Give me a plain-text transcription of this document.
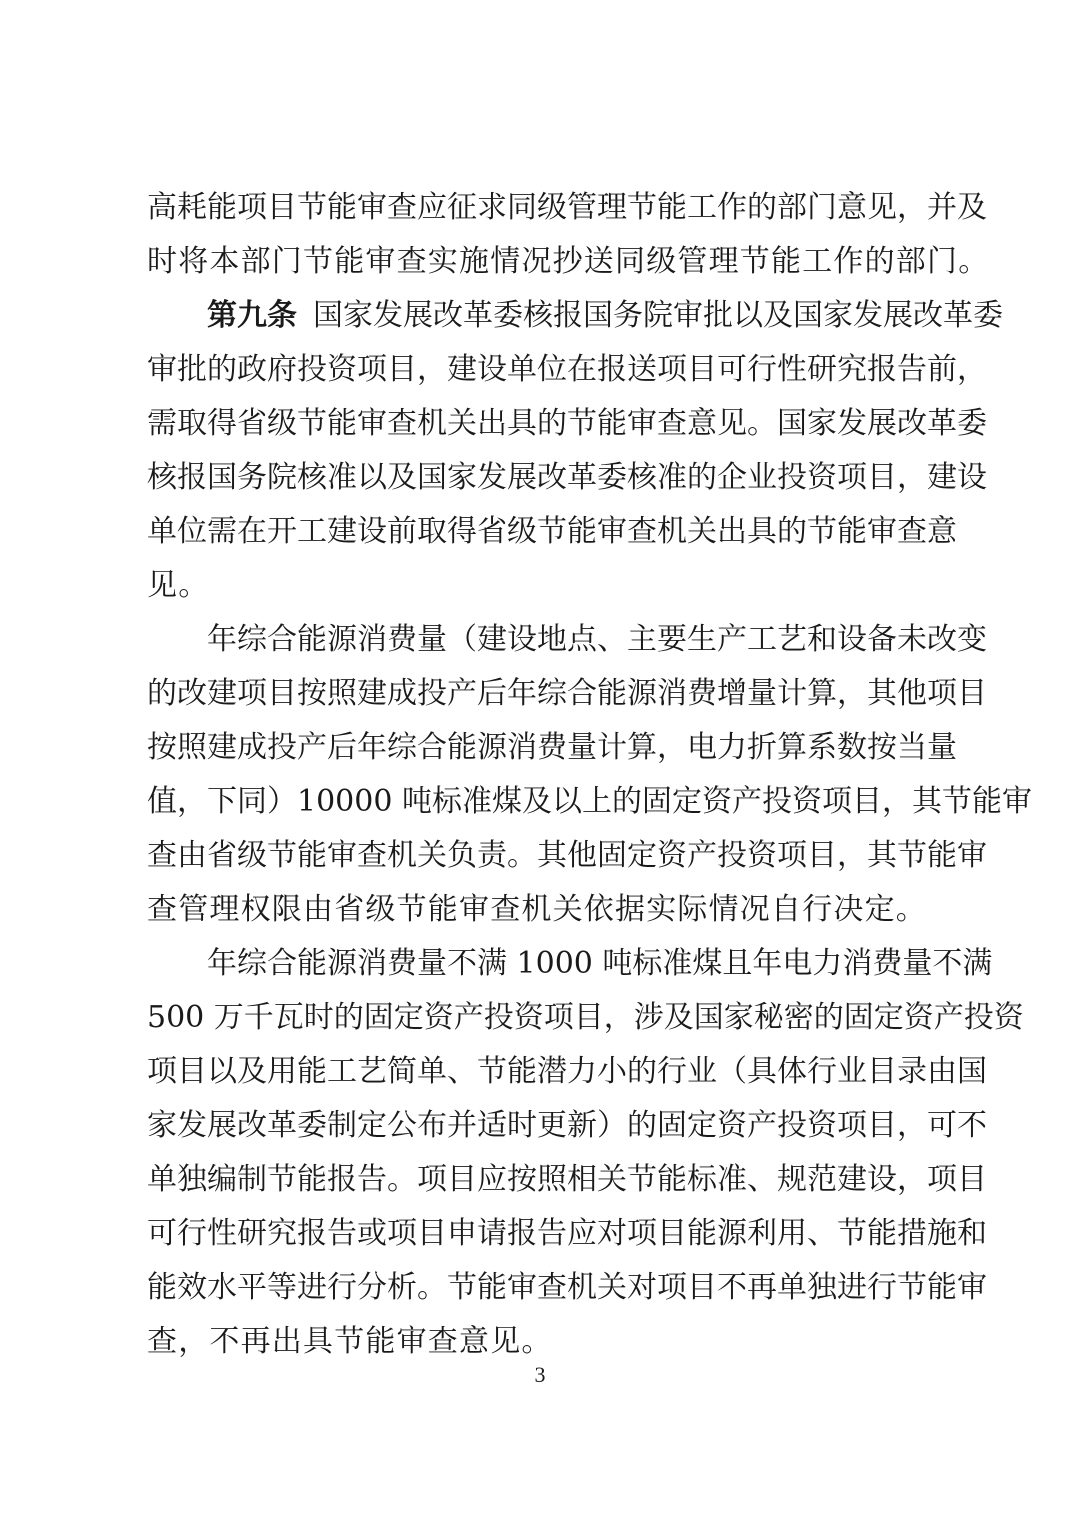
高耗能项目节能审查应征求同级管理节能工作的部门意见，并及
时将本部门节能审查实施情况抄送同级管理节能工作的部门。
第九条 国家发展改革委核报国务院审批以及国家发展改革委
审批的政府投资项目，建设单位在报送项目可行性研究报告前，
需取得省级节能审查机关出具的节能审查意见。国家发展改革委
核报国务院核准以及国家发展改革委核准的企业投资项目，建设
单位需在开工建设前取得省级节能审查机关出具的节能审查意
见。
年综合能源消费量（建设地点、主要生产工艺和设备未改变
的改建项目按照建成投产后年综合能源消费增量计算，其他项目
按照建成投产后年综合能源消费量计算，电力折算系数按当量
值，下同）10000 吨标准煤及以上的固定资产投资项目，其节能审
查由省级节能审查机关负责。其他固定资产投资项目，其节能审
查管理权限由省级节能审查机关依据实际情况自行决定。
年综合能源消费量不满 1000 吨标准煤且年电力消费量不满
500 万千瓦时的固定资产投资项目，涉及国家秘密的固定资产投资
项目以及用能工艺简单、节能潜力小的行业（具体行业目录由国
家发展改革委制定公布并适时更新）的固定资产投资项目，可不
单独编制节能报告。项目应按照相关节能标准、规范建设，项目
可行性研究报告或项目申请报告应对项目能源利用、节能措施和
能效水平等进行分析。节能审查机关对项目不再单独进行节能审
查，不再出具节能审查意见。
3
